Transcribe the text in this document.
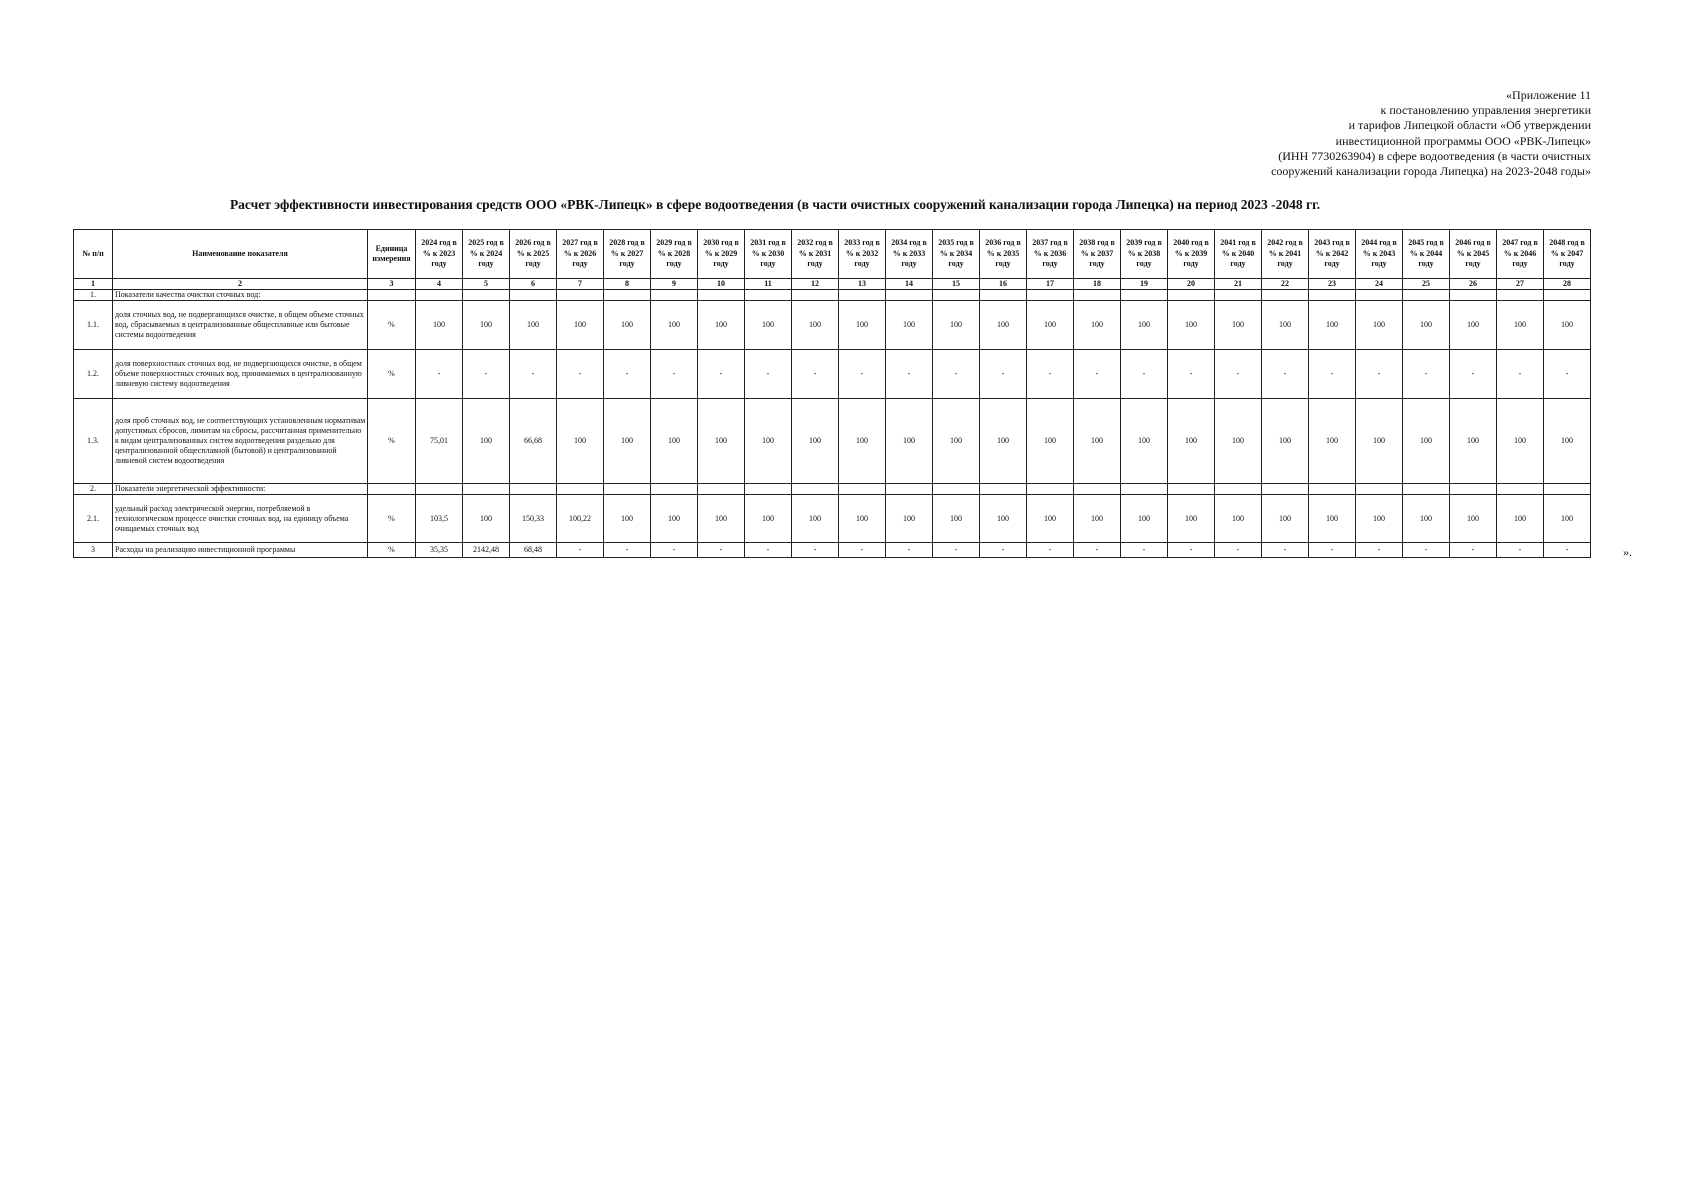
«Приложение 11
к постановлению управления энергетики
и тарифов Липецкой области «Об утверждении
инвестиционной программы ООО «РВК-Липецк»
(ИНН 7730263904) в сфере водоотведения (в части очистных
сооружений канализации города Липецка) на 2023-2048 годы»
Расчет эффективности инвестирования средств ООО «РВК-Липецк» в сфере водоотведения (в части очистных сооружений канализации города Липецка) на период 2023 -2048 гг.
№ п/п	Наименование показателя	Единица измерения	2024 год в % к 2023 году	2025 год в % к 2024 году	2026 год в % к 2025 году	2027 год в % к 2026 году	2028 год в % к 2027 году	2029 год в % к 2028 году	2030 год в % к 2029 году	2031 год в % к 2030 году	2032 год в % к 2031 году	2033 год в % к 2032 году	2034 год в % к 2033 году	2035 год в % к 2034 году	2036 год в % к 2035 году	2037 год в % к 2036 году	2038 год в % к 2037 году	2039 год в % к 2038 году	2040 год в % к 2039 году	2041 год в % к 2040 году	2042 год в % к 2041 году	2043 год в % к 2042 году	2044 год в % к 2043 году	2045 год в % к 2044 году	2046 год в % к 2045 году	2047 год в % к 2046 году	2048 год в % к 2047 году
1	2	3	4	5	6	7	8	9	10	11	12	13	14	15	16	17	18	19	20	21	22	23	24	25	26	27	28
1.	Показатели качества очистки сточных вод:																										
1.1.	доля сточных вод, не подвергающихся очистке, в общем объеме сточных вод, сбрасываемых в централизованные общесплавные или бытовые системы водоотведения	%	100	100	100	100	100	100	100	100	100	100	100	100	100	100	100	100	100	100	100	100	100	100	100	100	100
1.2.	доля поверхностных сточных вод, не подвергающихся очистке, в общем объеме поверхностных сточных вод, принимаемых в централизованную ливневую систему водоотведения	%	-	-	-	-	-	-	-	-	-	-	-	-	-	-	-	-	-	-	-	-	-	-	-	-	-
1.3.	доля проб сточных вод, не соответствующих установленным нормативам допустимых сбросов, лимитам на сбросы, рассчитанная применительно к видам централизованных систем водоотведения раздельно для централизованной общесплавной (бытовой) и централизованной ливневой систем водоотведения	%	75,01	100	66,68	100	100	100	100	100	100	100	100	100	100	100	100	100	100	100	100	100	100	100	100	100	100
2.	Показатели энергетической эффективности:																										
2.1.	удельный расход электрической энергии, потребляемой в технологическом процессе очистки сточных вод, на единицу объема очищаемых сточных вод	%	103,5	100	150,33	100,22	100	100	100	100	100	100	100	100	100	100	100	100	100	100	100	100	100	100	100	100	100
3	Расходы на реализацию инвестиционной программы	%	35,35	2142,48	68,48	-	-	-	-	-	-	-	-	-	-	-	-	-	-	-	-	-	-	-	-	-	-	».
